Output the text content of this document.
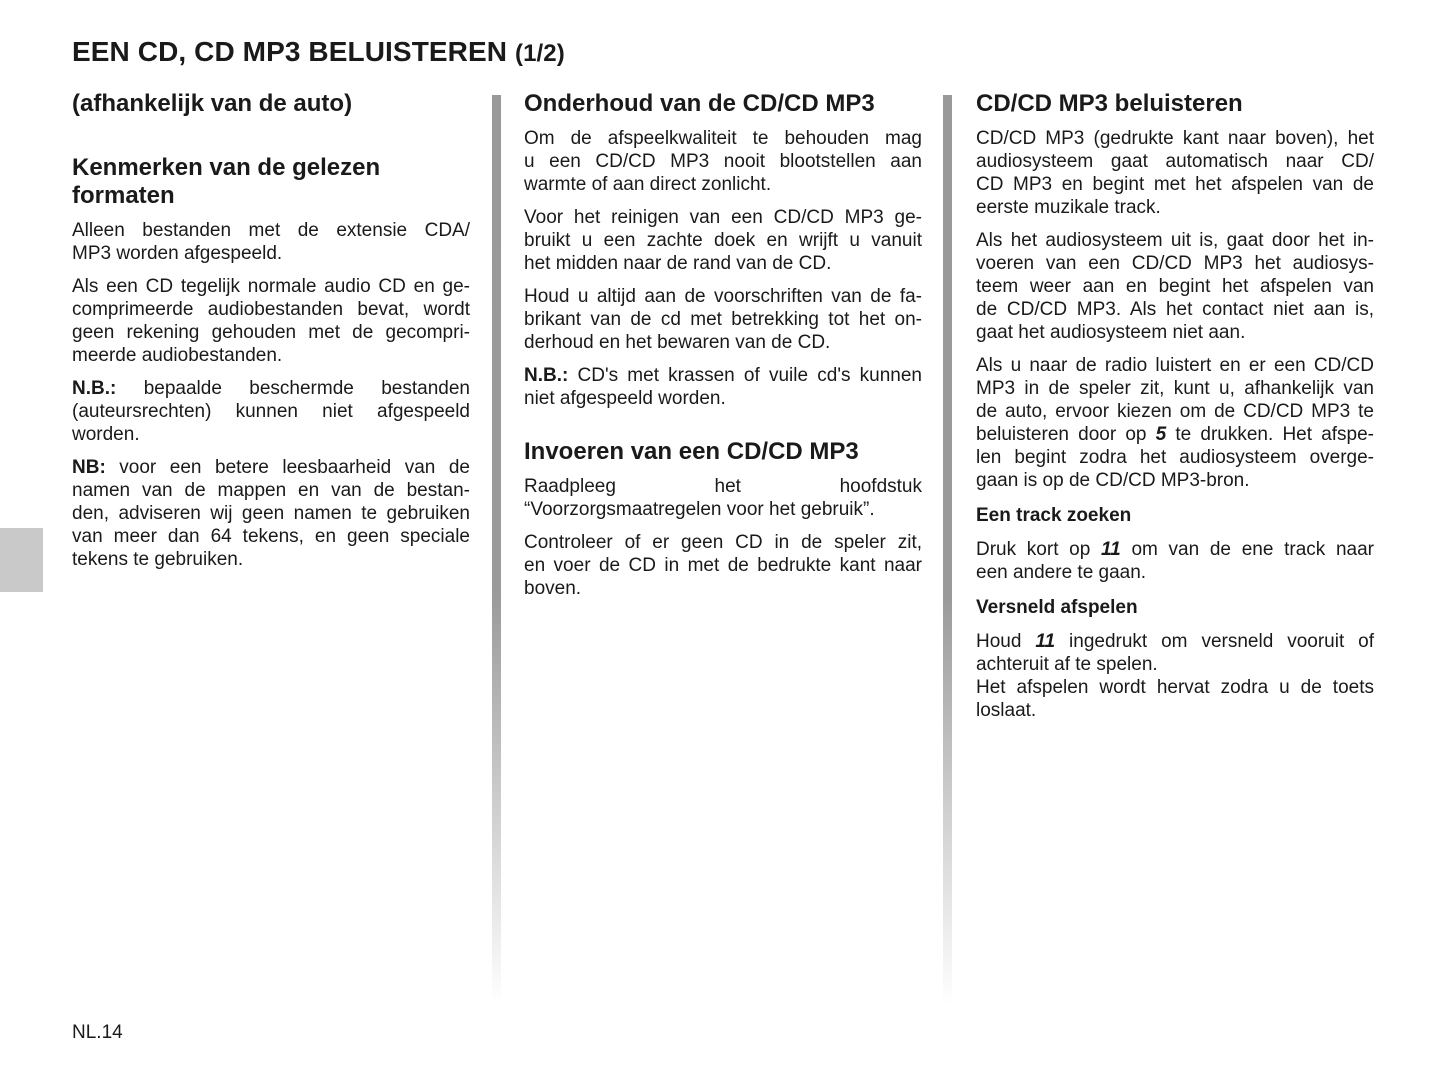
EEN CD, CD MP3 BELUISTEREN (1/2)
(afhankelijk van de auto)
Kenmerken van de gelezen
formaten
Alleen bestanden met de extensie CDA/
MP3 worden afgespeeld.
Als een CD tegelijk normale audio CD en ge-
comprimeerde audiobestanden bevat, wordt
geen rekening gehouden met de gecompri-
meerde audiobestanden.
N.B.: bepaalde beschermde bestanden
(auteursrechten) kunnen niet afgespeeld
worden.
NB: voor een betere leesbaarheid van de
namen van de mappen en van de bestan-
den, adviseren wij geen namen te gebruiken
van meer dan 64 tekens, en geen speciale
tekens te gebruiken.
Onderhoud van de CD/CD MP3
Om de afspeelkwaliteit te behouden mag
u een CD/CD MP3 nooit blootstellen aan
warmte of aan direct zonlicht.
Voor het reinigen van een CD/CD MP3 ge-
bruikt u een zachte doek en wrijft u vanuit
het midden naar de rand van de CD.
Houd u altijd aan de voorschriften van de fa-
brikant van de cd met betrekking tot het on-
derhoud en het bewaren van de CD.
N.B.: CD's met krassen of vuile cd's kunnen
niet afgespeeld worden.
Invoeren van een CD/CD MP3
Raadpleeg het hoofdstuk
“Voorzorgsmaatregelen voor het gebruik”.
Controleer of er geen CD in de speler zit,
en voer de CD in met de bedrukte kant naar
boven.
CD/CD MP3 beluisteren
CD/CD MP3 (gedrukte kant naar boven), het
audiosysteem gaat automatisch naar CD/
CD MP3 en begint met het afspelen van de
eerste muzikale track.
Als het audiosysteem uit is, gaat door het in-
voeren van een CD/CD MP3 het audiosys-
teem weer aan en begint het afspelen van
de CD/CD MP3. Als het contact niet aan is,
gaat het audiosysteem niet aan.
Als u naar de radio luistert en er een CD/CD
MP3 in de speler zit, kunt u, afhankelijk van
de auto, ervoor kiezen om de CD/CD MP3 te
beluisteren door op 5 te drukken. Het afspe-
len begint zodra het audiosysteem overge-
gaan is op de CD/CD MP3-bron.
Een track zoeken
Druk kort op 11 om van de ene track naar
een andere te gaan.
Versneld afspelen
Houd 11 ingedrukt om versneld vooruit of
achteruit af te spelen.
Het afspelen wordt hervat zodra u de toets
loslaat.
NL.14
